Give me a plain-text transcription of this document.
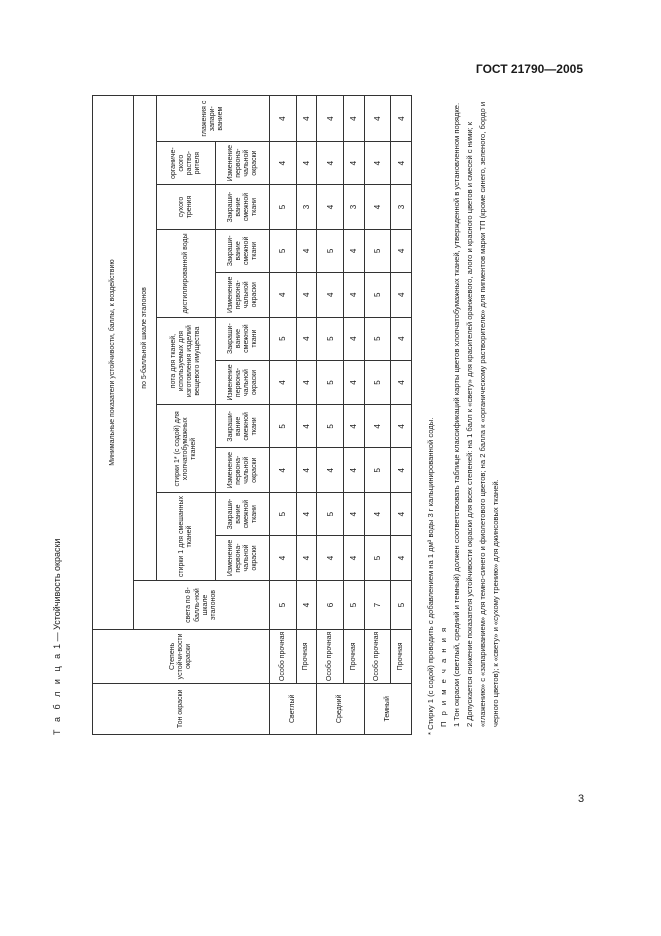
ГОСТ 21790—2005
Т а б л и ц а 1 — Устойчивость окраски
Тон окраски	Степень устойчи-вости окраски	Минимальные показатели устойчивости, баллы, к воздействию											
		света по 8-балль-ной шкале эталонов	по 5-балльной шкале эталонов										
			стирки 1 для смешанных тканей		стирки 1* (с содой) для хлопчатобумажных тканей		пота для тканей, используемых для изготовления изделий вещевого имущества		дистиллированной воды		сухого трения	органиче-ского раство-рителя	глажения с запари-ванием
			Изменение первона-чальной окраски	Закраши-вание смежной ткани	Изменение первона-чальной окраски	Закраши-вание смежной ткани	Изменение первона-чальной окраски	Закраши-вание смежной ткани	Изменение первона-чальной окраски	Закраши-вание смежной ткани	Закраши-вание смежной ткани	Изменение первона-чальной окраски	
Светлый	Особо прочная	5	4	5	4	5	4	5	4	5	5	4	4
	Прочная	4	4	4	4	4	4	4	4	4	3	4	4
Средний	Особо прочная	6	4	5	4	5	5	5	4	5	4	4	4
	Прочная	5	4	4	4	4	4	4	4	4	3	4	4
Темный	Особо прочная	7	5	4	5	4	5	5	5	5	4	4	4
	Прочная	5	4	4	4	4	4	4	4	4	3	4	4

* Стирку 1 (с содой) проводить с добавлением на 1 дм³ воды 3 г кальцинированной соды. П р и м е ч а н и я 1 Тон окраски (светлый, средний и темный) должен соответствовать таблице классификаций карты цветов хлопчатобумажных тканей, утвержденной в установленном порядке. 2 Допускается снижение показателя устойчивости окраски для всех степеней: на 1 балл к «свету» для красителей оранжевого, алого и красного цветов и смесей с ними; к «глажению» с «запариванием» для темно-синего и фиолетового цветов; на 2 балла к «органическому растворителю» для пигментов марки ТП (кроме синего, зеленого, бордо и черного цветов); к «свету» и «сухому трению» для джинсовых тканей.

3
